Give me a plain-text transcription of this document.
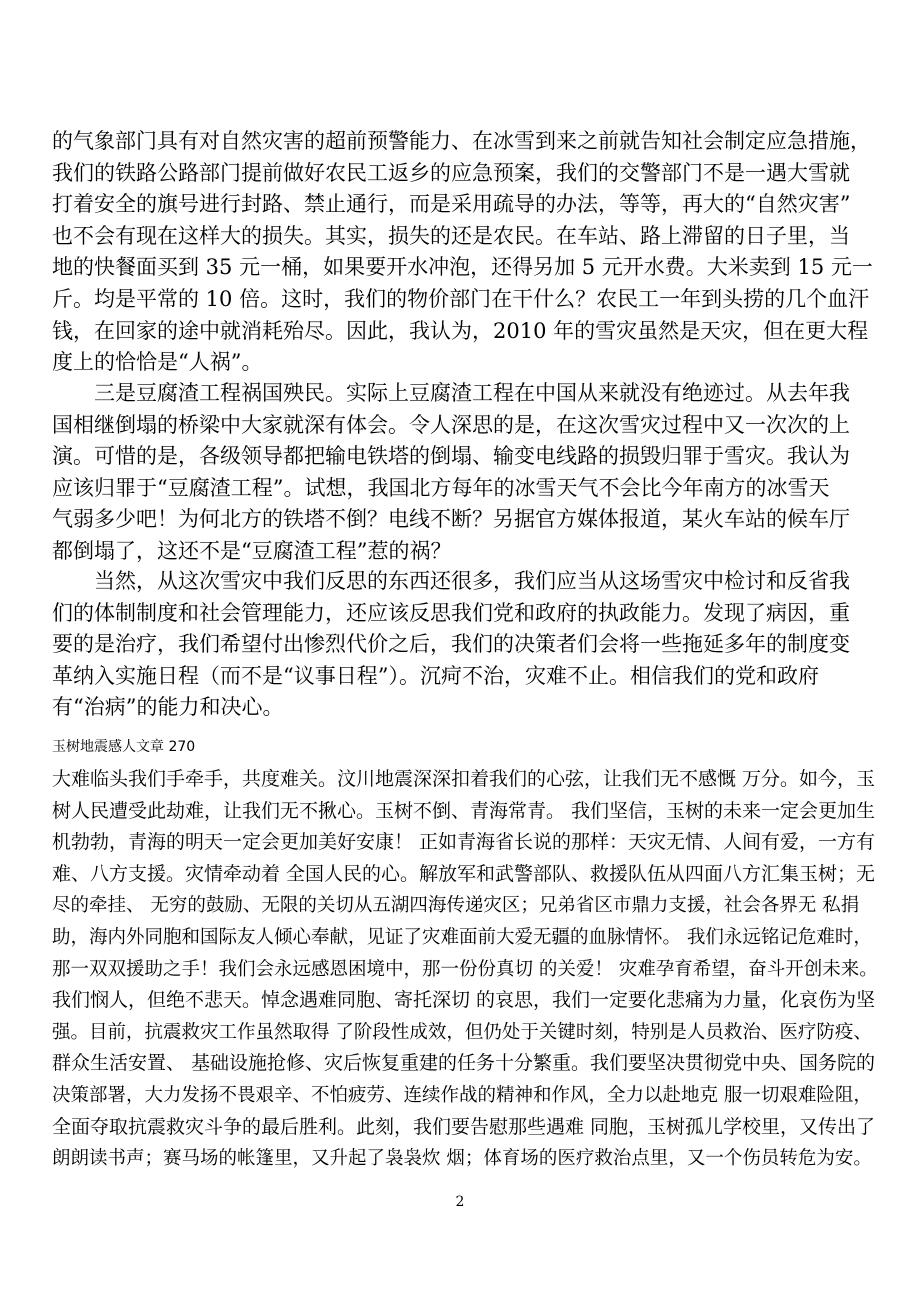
的气象部门具有对自然灾害的超前预警能力、在冰雪到来之前就告知社会制定应急措施，
我们的铁路公路部门提前做好农民工返乡的应急预案，我们的交警部门不是一遇大雪就
打着安全的旗号进行封路、禁止通行，而是采用疏导的办法，等等，再大的“自然灾害”
也不会有现在这样大的损失。其实，损失的还是农民。在车站、路上滞留的日子里，当
地的快餐面买到 35 元一桶，如果要开水冲泡，还得另加 5 元开水费。大米卖到 15 元一
斤。均是平常的 10 倍。这时，我们的物价部门在干什么？农民工一年到头捞的几个血汗
钱，在回家的途中就消耗殆尽。因此，我认为，2010 年的雪灾虽然是天灾，但在更大程
度上的恰恰是“人祸”。
　　三是豆腐渣工程祸国殃民。实际上豆腐渣工程在中国从来就没有绝迹过。从去年我
国相继倒塌的桥梁中大家就深有体会。令人深思的是，在这次雪灾过程中又一次次的上
演。可惜的是，各级领导都把输电铁塔的倒塌、输变电线路的损毁归罪于雪灾。我认为
应该归罪于“豆腐渣工程”。试想，我国北方每年的冰雪天气不会比今年南方的冰雪天
气弱多少吧！为何北方的铁塔不倒？电线不断？另据官方媒体报道，某火车站的候车厅
都倒塌了，这还不是“豆腐渣工程”惹的祸？
　　当然，从这次雪灾中我们反思的东西还很多，我们应当从这场雪灾中检讨和反省我
们的体制制度和社会管理能力，还应该反思我们党和政府的执政能力。发现了病因，重
要的是治疗，我们希望付出惨烈代价之后，我们的决策者们会将一些拖延多年的制度变
革纳入实施日程（而不是“议事日程”）。沉疴不治，灾难不止。相信我们的党和政府
有“治病”的能力和决心。
玉树地震感人文章 270
大难临头我们手牵手，共度难关。汶川地震深深扣着我们的心弦，让我们无不感慨 万分。如今，玉
树人民遭受此劫难，让我们无不揪心。玉树不倒、青海常青。 我们坚信，玉树的未来一定会更加生
机勃勃，青海的明天一定会更加美好安康！ 正如青海省长说的那样：天灾无情、人间有爱，一方有
难、八方支援。灾情牵动着 全国人民的心。解放军和武警部队、救援队伍从四面八方汇集玉树；无
尽的牵挂、 无穷的鼓励、无限的关切从五湖四海传递灾区；兄弟省区市鼎力支援，社会各界无 私捐
助，海内外同胞和国际友人倾心奉献，见证了灾难面前大爱无疆的血脉情怀。 我们永远铭记危难时，
那一双双援助之手！我们会永远感恩困境中，那一份份真切 的关爱！ 灾难孕育希望，奋斗开创未来。
我们悯人，但绝不悲天。悼念遇难同胞、寄托深切 的哀思，我们一定要化悲痛为力量，化哀伤为坚
强。目前，抗震救灾工作虽然取得 了阶段性成效，但仍处于关键时刻，特别是人员救治、医疗防疫、
群众生活安置、 基础设施抢修、灾后恢复重建的任务十分繁重。我们要坚决贯彻党中央、国务院的
决策部署，大力发扬不畏艰辛、不怕疲劳、连续作战的精神和作风，全力以赴地克 服一切艰难险阻，
全面夺取抗震救灾斗争的最后胜利。此刻，我们要告慰那些遇难 同胞，玉树孤儿学校里，又传出了
朗朗读书声；赛马场的帐篷里，又升起了袅袅炊 烟；体育场的医疗救治点里，又一个伤员转危为安。
2
